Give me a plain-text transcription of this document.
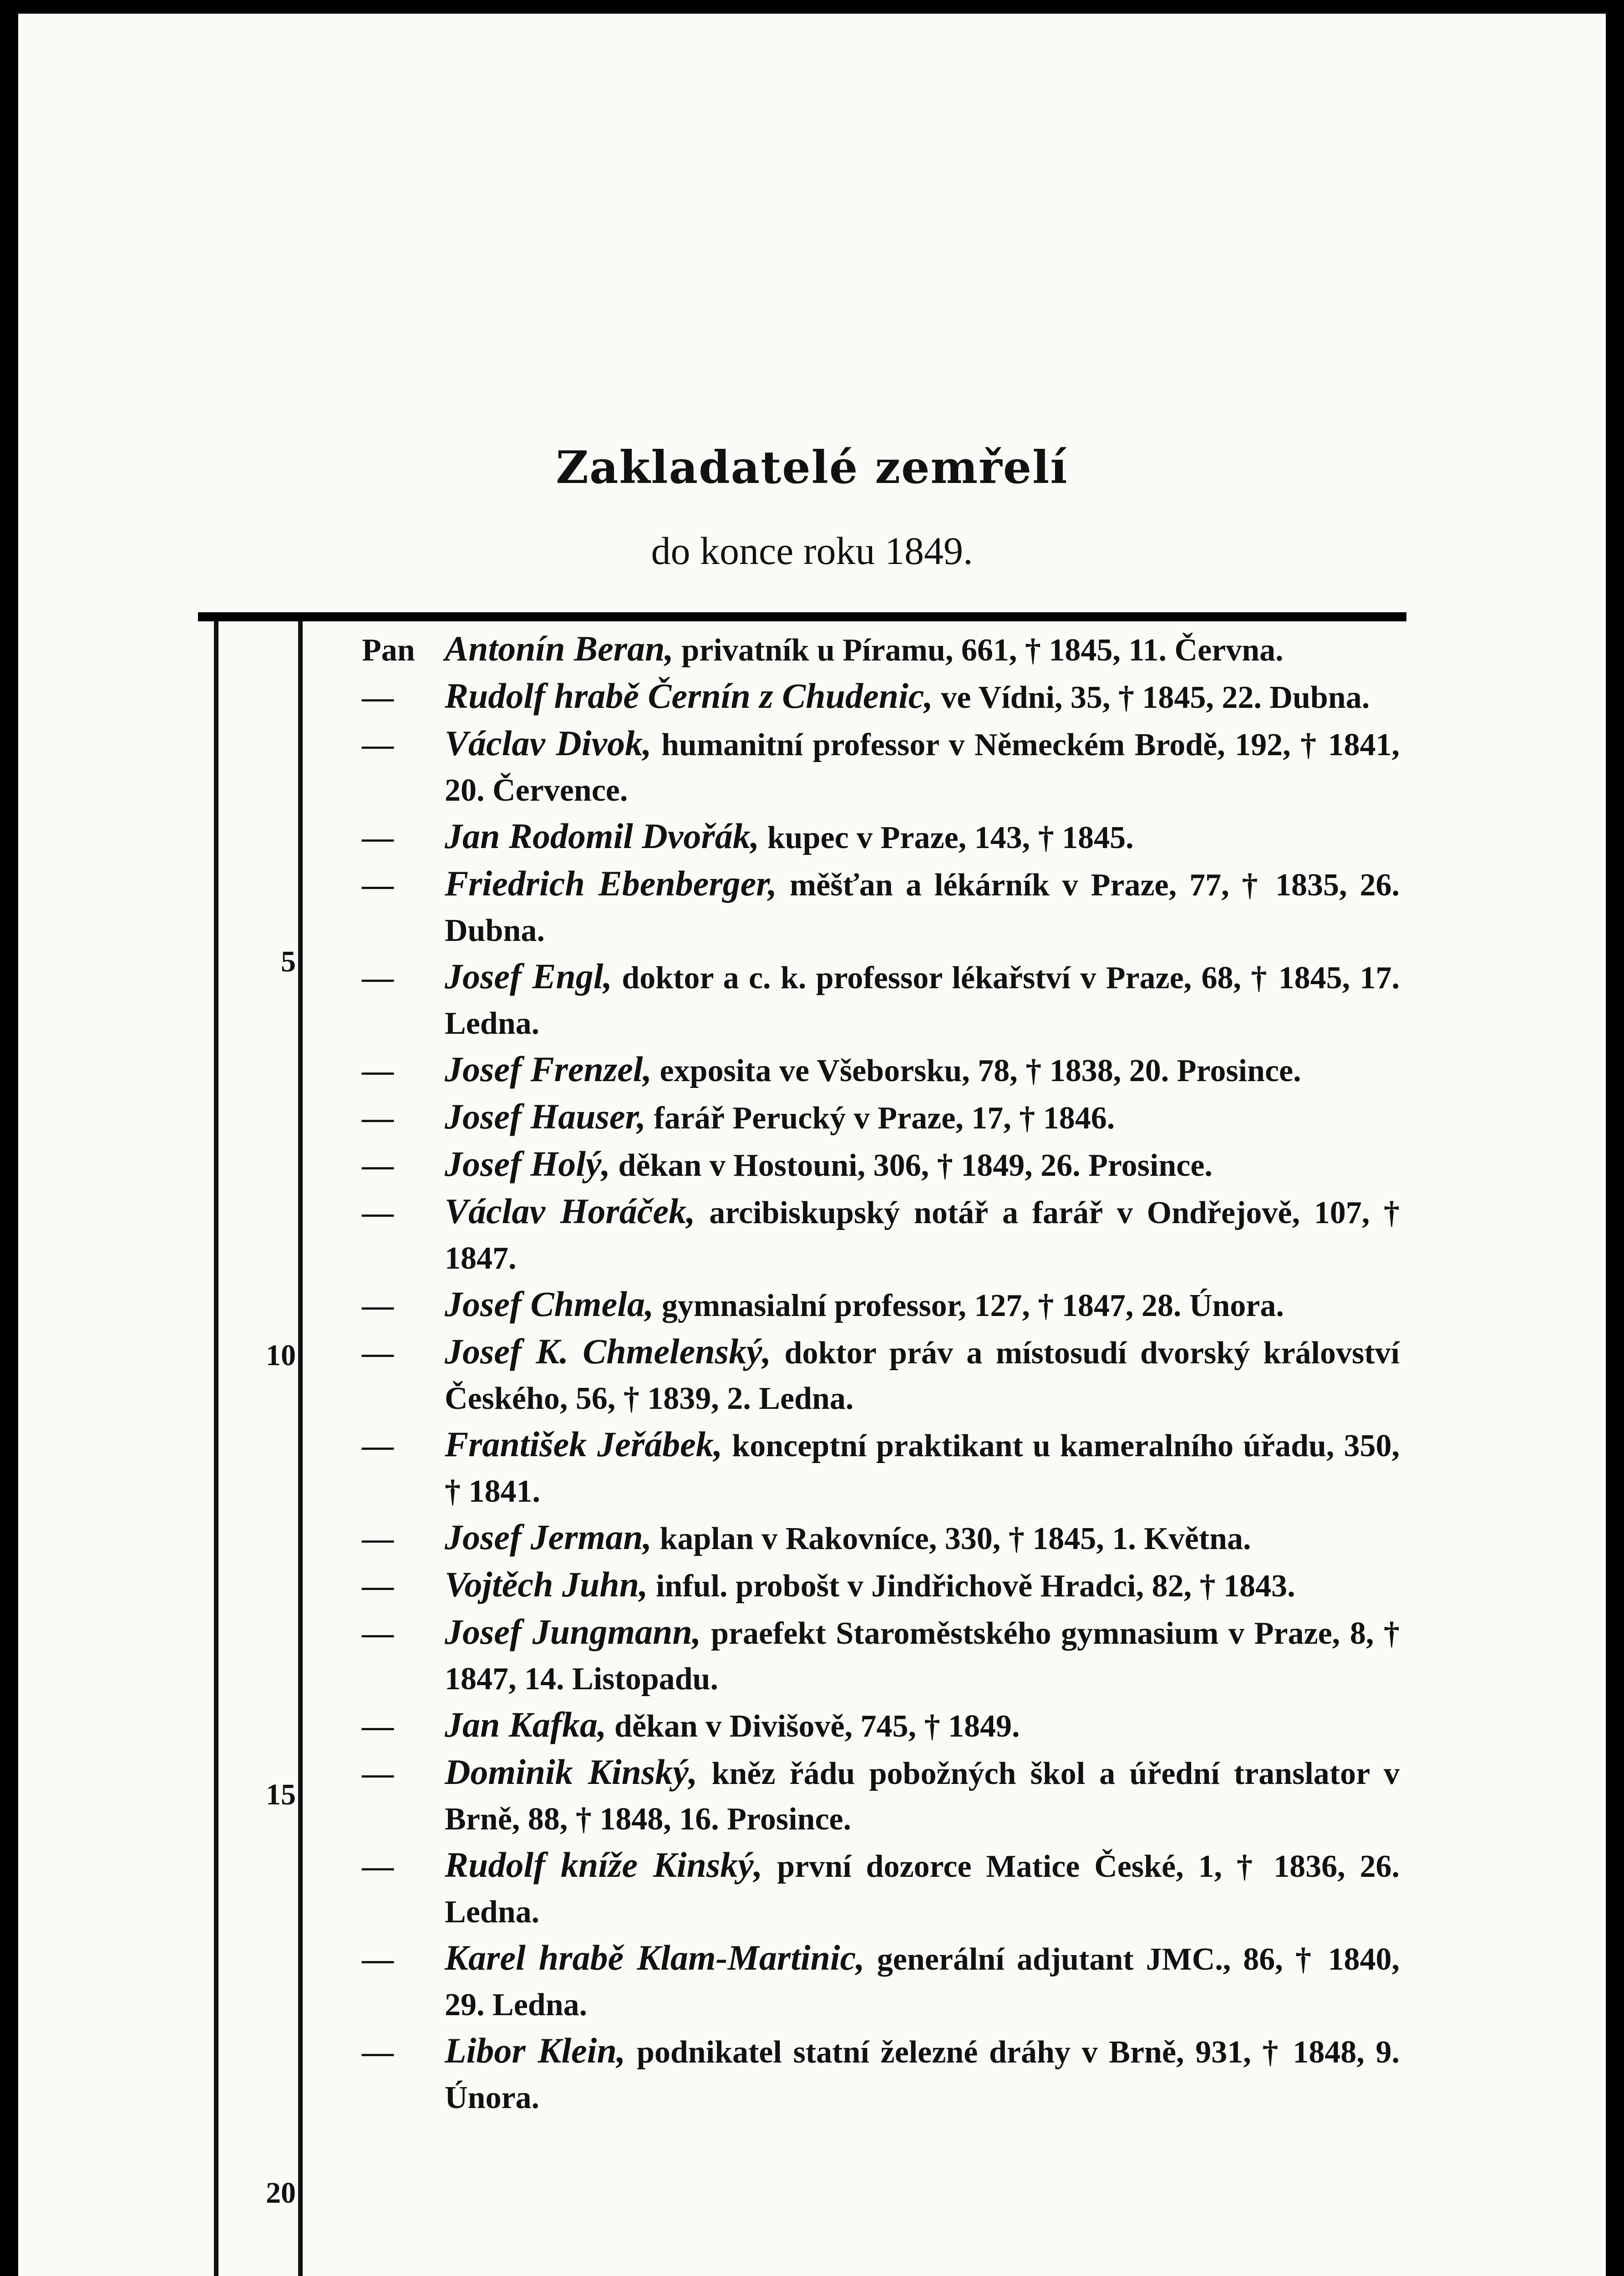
Zakladatelé zemřelí
do konce roku 1849.
5
10
15
20
Pan Antonín Beran, privatník u Píramu, 661, † 1845, 11. Června.
— Rudolf hrabě Černín z Chudenic, ve Vídni, 35, † 1845, 22. Dubna.
— Václav Divok, humanitní professor v Německém Brodě, 192, † 1841, 20. Července.
— Jan Rodomil Dvořák, kupec v Praze, 143, † 1845.
— Friedrich Ebenberger, měšťan a lékárník v Praze, 77, † 1835, 26. Dubna.
— Josef Engl, doktor a c. k. professor lékařství v Praze, 68, † 1845, 17. Ledna.
— Josef Frenzel, exposita ve Všeborsku, 78, † 1838, 20. Prosince.
— Josef Hauser, farář Perucký v Praze, 17, † 1846.
— Josef Holý, děkan v Hostouni, 306, † 1849, 26. Prosince.
— Václav Horáček, arcibiskupský notář a farář v Ondřejově, 107, † 1847.
— Josef Chmela, gymnasialní professor, 127, † 1847, 28. Února.
— Josef K. Chmelenský, doktor práv a místosudí dvorský království Českého, 56, † 1839, 2. Ledna.
— František Jeřábek, konceptní praktikant u kameralního úřadu, 350, † 1841.
— Josef Jerman, kaplan v Rakovníce, 330, † 1845, 1. Května.
— Vojtěch Juhn, inful. probošt v Jindřichově Hradci, 82, † 1843.
— Josef Jungmann, praefekt Staroměstského gymnasium v Praze, 8, † 1847, 14. Listopadu.
— Jan Kafka, děkan v Divišově, 745, † 1849.
— Dominik Kinský, kněz řádu pobožných škol a úřední translator v Brně, 88, † 1848, 16. Prosince.
— Rudolf kníže Kinský, první dozorce Matice České, 1, † 1836, 26. Ledna.
— Karel hrabě Klam-Martinic, generální adjutant JMC., 86, † 1840, 29. Ledna.
— Libor Klein, podnikatel statní železné dráhy v Brně, 931, † 1848, 9. Února.
